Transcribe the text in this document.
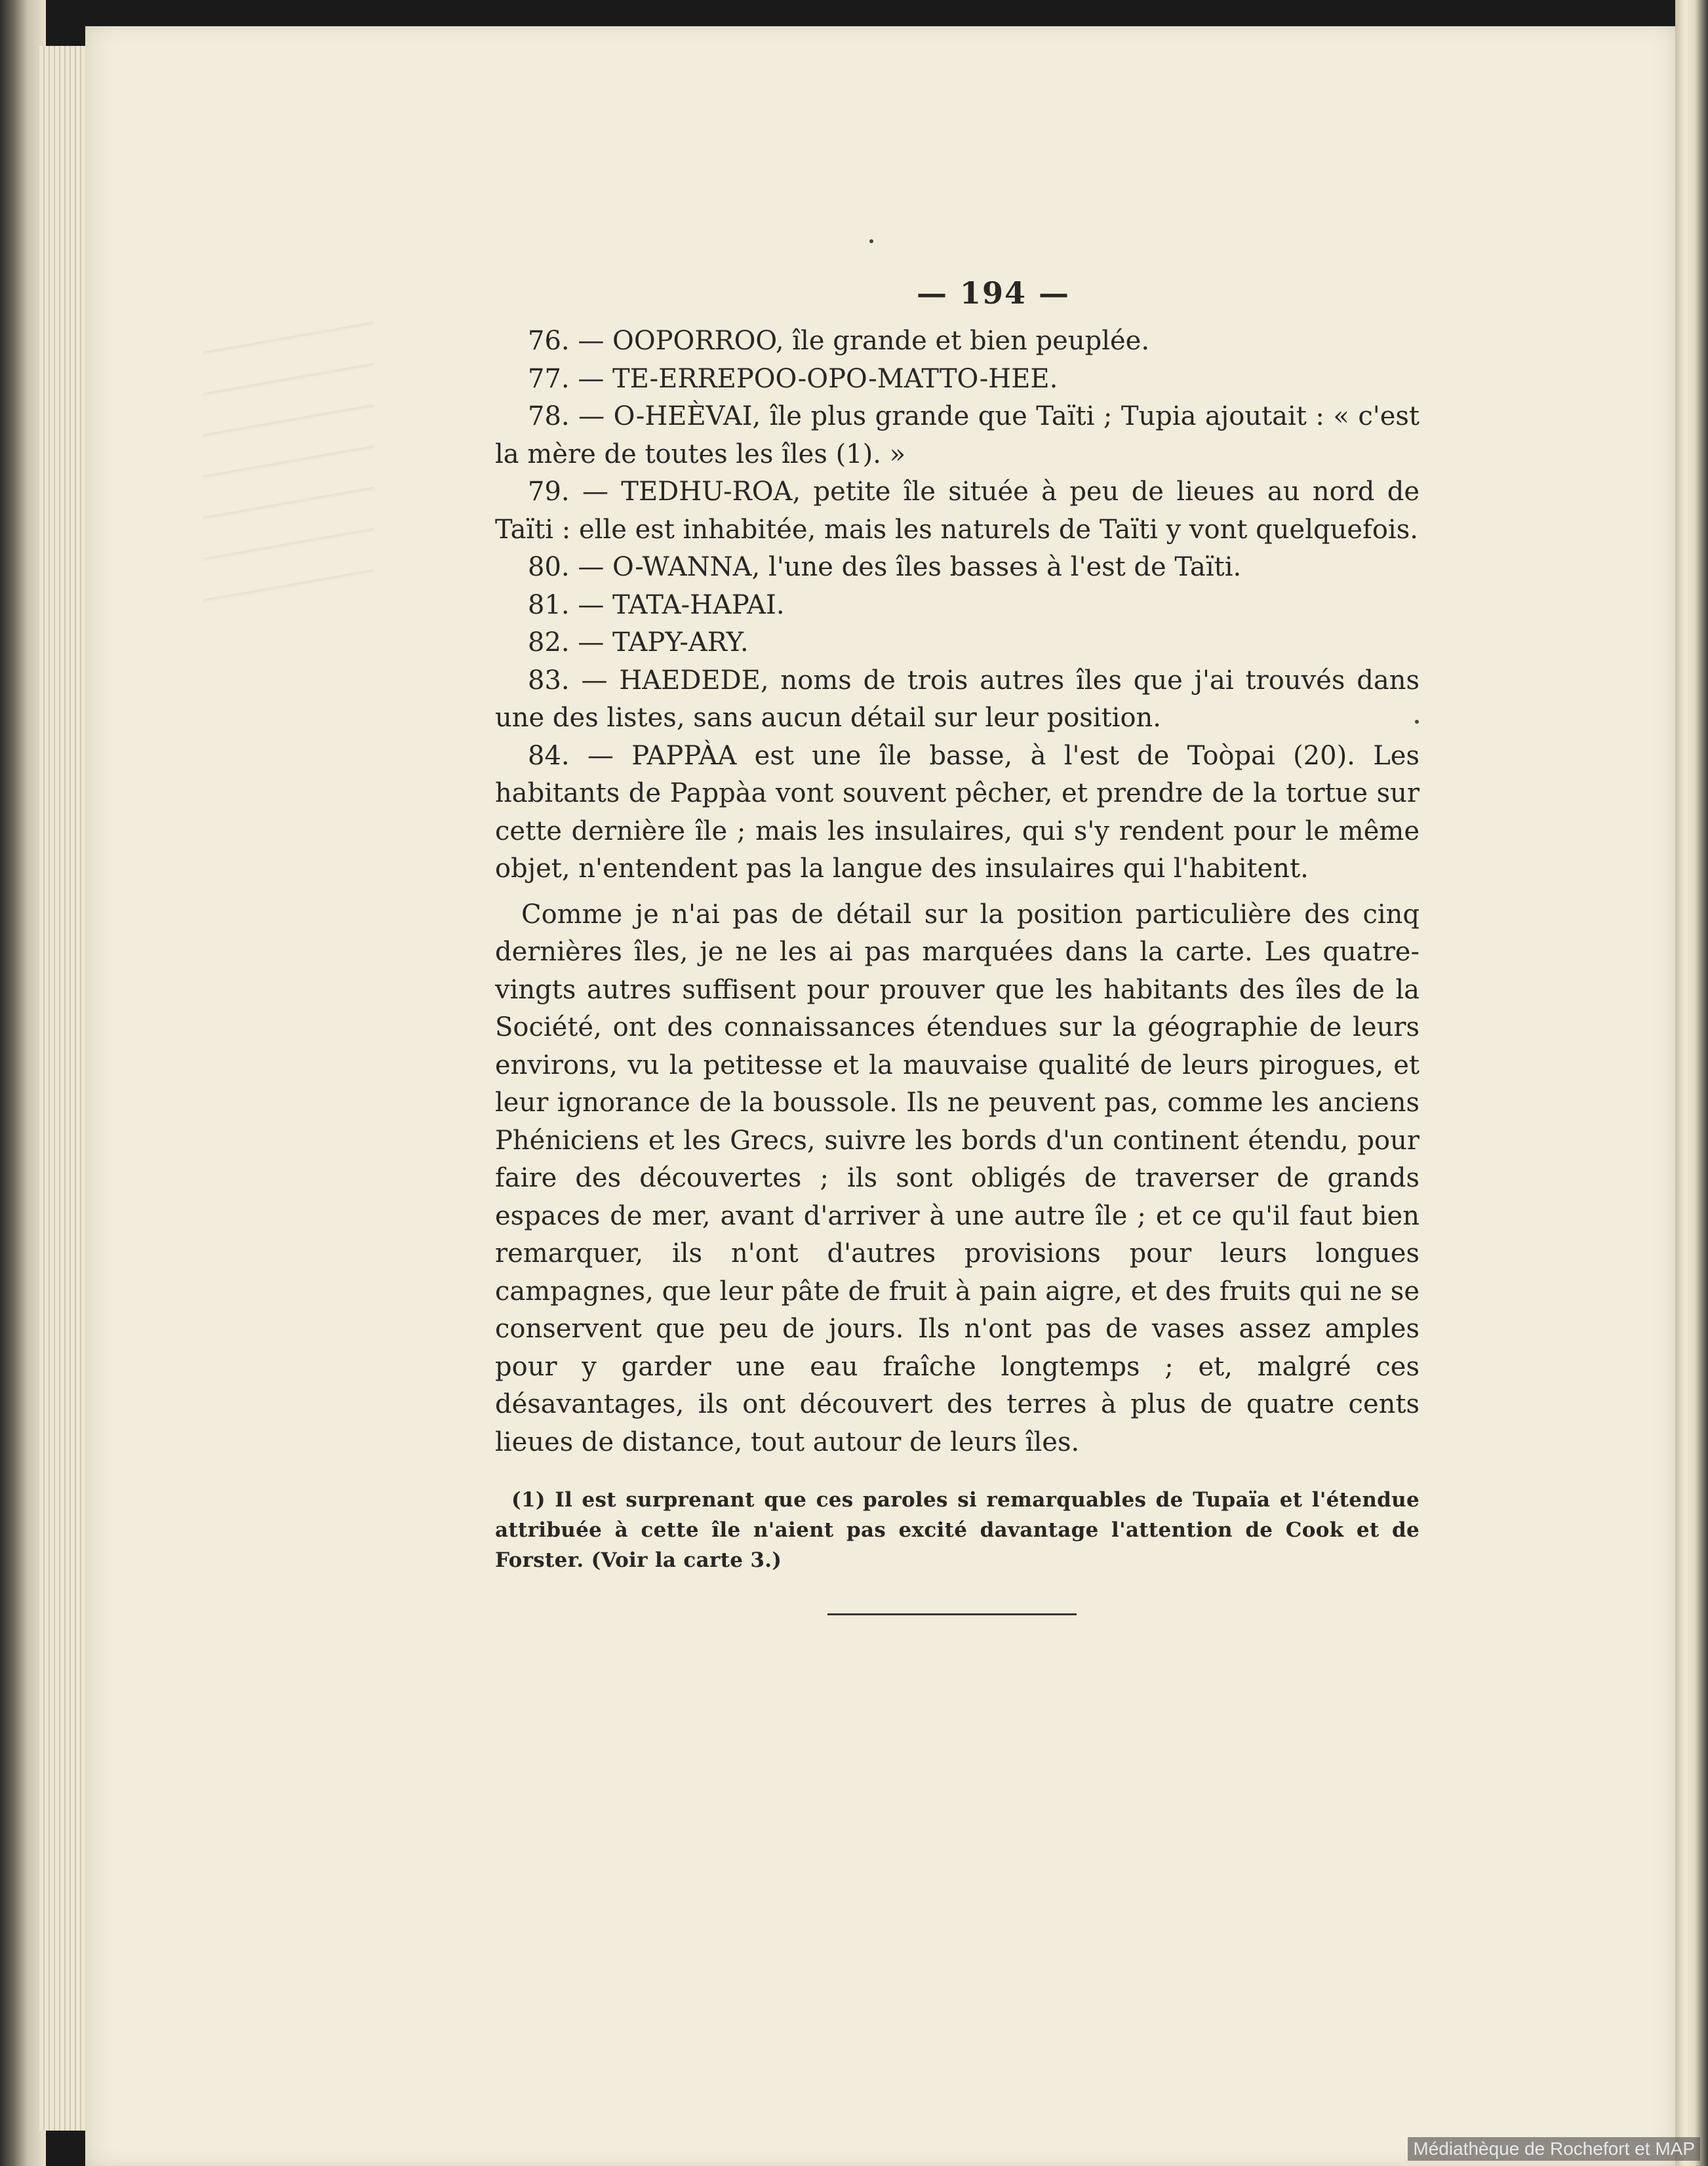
— 194 —

76. — OOPORROO, île grande et bien peuplée.

77. — TE-ERREPOO-OPO-MATTO-HEE.

78. — O-HEÈVAI, île plus grande que Taïti ; Tupia ajoutait : « c'est la mère de toutes les îles (1). »

79. — TEDHU-ROA, petite île située à peu de lieues au nord de Taïti : elle est inhabitée, mais les naturels de Taïti y vont quelquefois.

80. — O-WANNA, l'une des îles basses à l'est de Taïti.

81. — TATA-HAPAI.

82. — TAPY-ARY.

83. — HAEDEDE, noms de trois autres îles que j'ai trouvés dans une des listes, sans aucun détail sur leur position.

84. — PAPPÀA est une île basse, à l'est de Toòpai (20). Les habitants de Pappàa vont souvent pêcher, et prendre de la tortue sur cette dernière île ; mais les insulaires, qui s'y rendent pour le même objet, n'entendent pas la langue des insulaires qui l'habitent.

Comme je n'ai pas de détail sur la position particulière des cinq dernières îles, je ne les ai pas marquées dans la carte. Les quatre-vingts autres suffisent pour prouver que les habitants des îles de la Société, ont des connaissances étendues sur la géographie de leurs environs, vu la petitesse et la mauvaise qualité de leurs pirogues, et leur ignorance de la boussole. Ils ne peuvent pas, comme les anciens Phéniciens et les Grecs, suivre les bords d'un continent étendu, pour faire des découvertes ; ils sont obligés de traverser de grands espaces de mer, avant d'arriver à une autre île ; et ce qu'il faut bien remarquer, ils n'ont d'autres provisions pour leurs longues campagnes, que leur pâte de fruit à pain aigre, et des fruits qui ne se conservent que peu de jours. Ils n'ont pas de vases assez amples pour y garder une eau fraîche longtemps ; et, malgré ces désavantages, ils ont découvert des terres à plus de quatre cents lieues de distance, tout autour de leurs îles.

(1) Il est surprenant que ces paroles si remarquables de Tupaïa et l'étendue attribuée à cette île n'aient pas excité davantage l'attention de Cook et de Forster. (Voir la carte 3.)

Médiathèque de Rochefort et MAP
